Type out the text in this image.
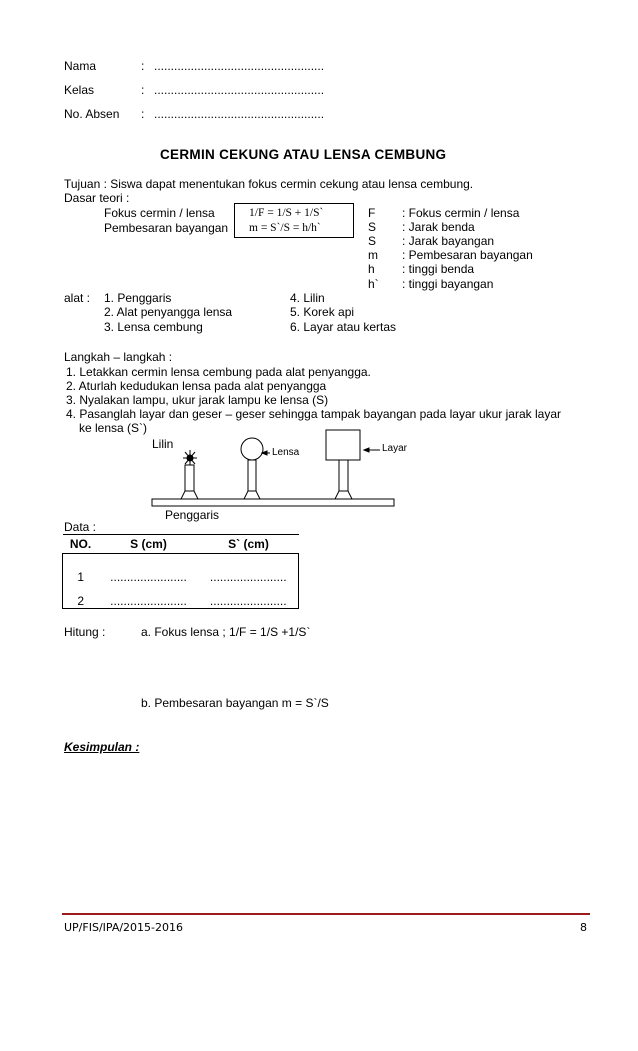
Nama	: ...................................................
Kelas	: ...................................................
No. Absen : ...................................................
CERMIN CEKUNG ATAU LENSA CEMBUNG
Tujuan : Siswa dapat menentukan fokus cermin cekung atau lensa cembung.
Dasar teori :
Fokus cermin / lensa
Pembesaran bayangan
1/F = 1/S + 1/S`
m = S`/S = h/h`
F : Fokus cermin / lensa
S : Jarak benda
S : Jarak bayangan
m : Pembesaran bayangan
h : tinggi benda
h` : tinggi bayangan
alat : 1. Penggaris
2. Alat penyangga lensa
3. Lensa cembung
4. Lilin
5. Korek api
6. Layar atau kertas
Langkah – langkah :
1. Letakkan cermin lensa cembung pada alat penyangga.
2. Aturlah kedudukan lensa pada alat penyangga
3. Nyalakan lampu, ukur jarak lampu ke lensa (S)
4. Pasanglah layar dan geser – geser sehingga tampak bayangan pada layar ukur jarak layar
ke lensa (S`)
Lilin
Lensa	Layar
Penggaris
Data :
NO.	S (cm)	S` (cm)
1	.......................	.......................
2	.......................	.......................
Hitung :	a. Fokus lensa ; 1/F = 1/S +1/S`
b. Pembesaran bayangan m = S`/S
Kesimpulan :
UP/FIS/IPA/2015-2016	8
